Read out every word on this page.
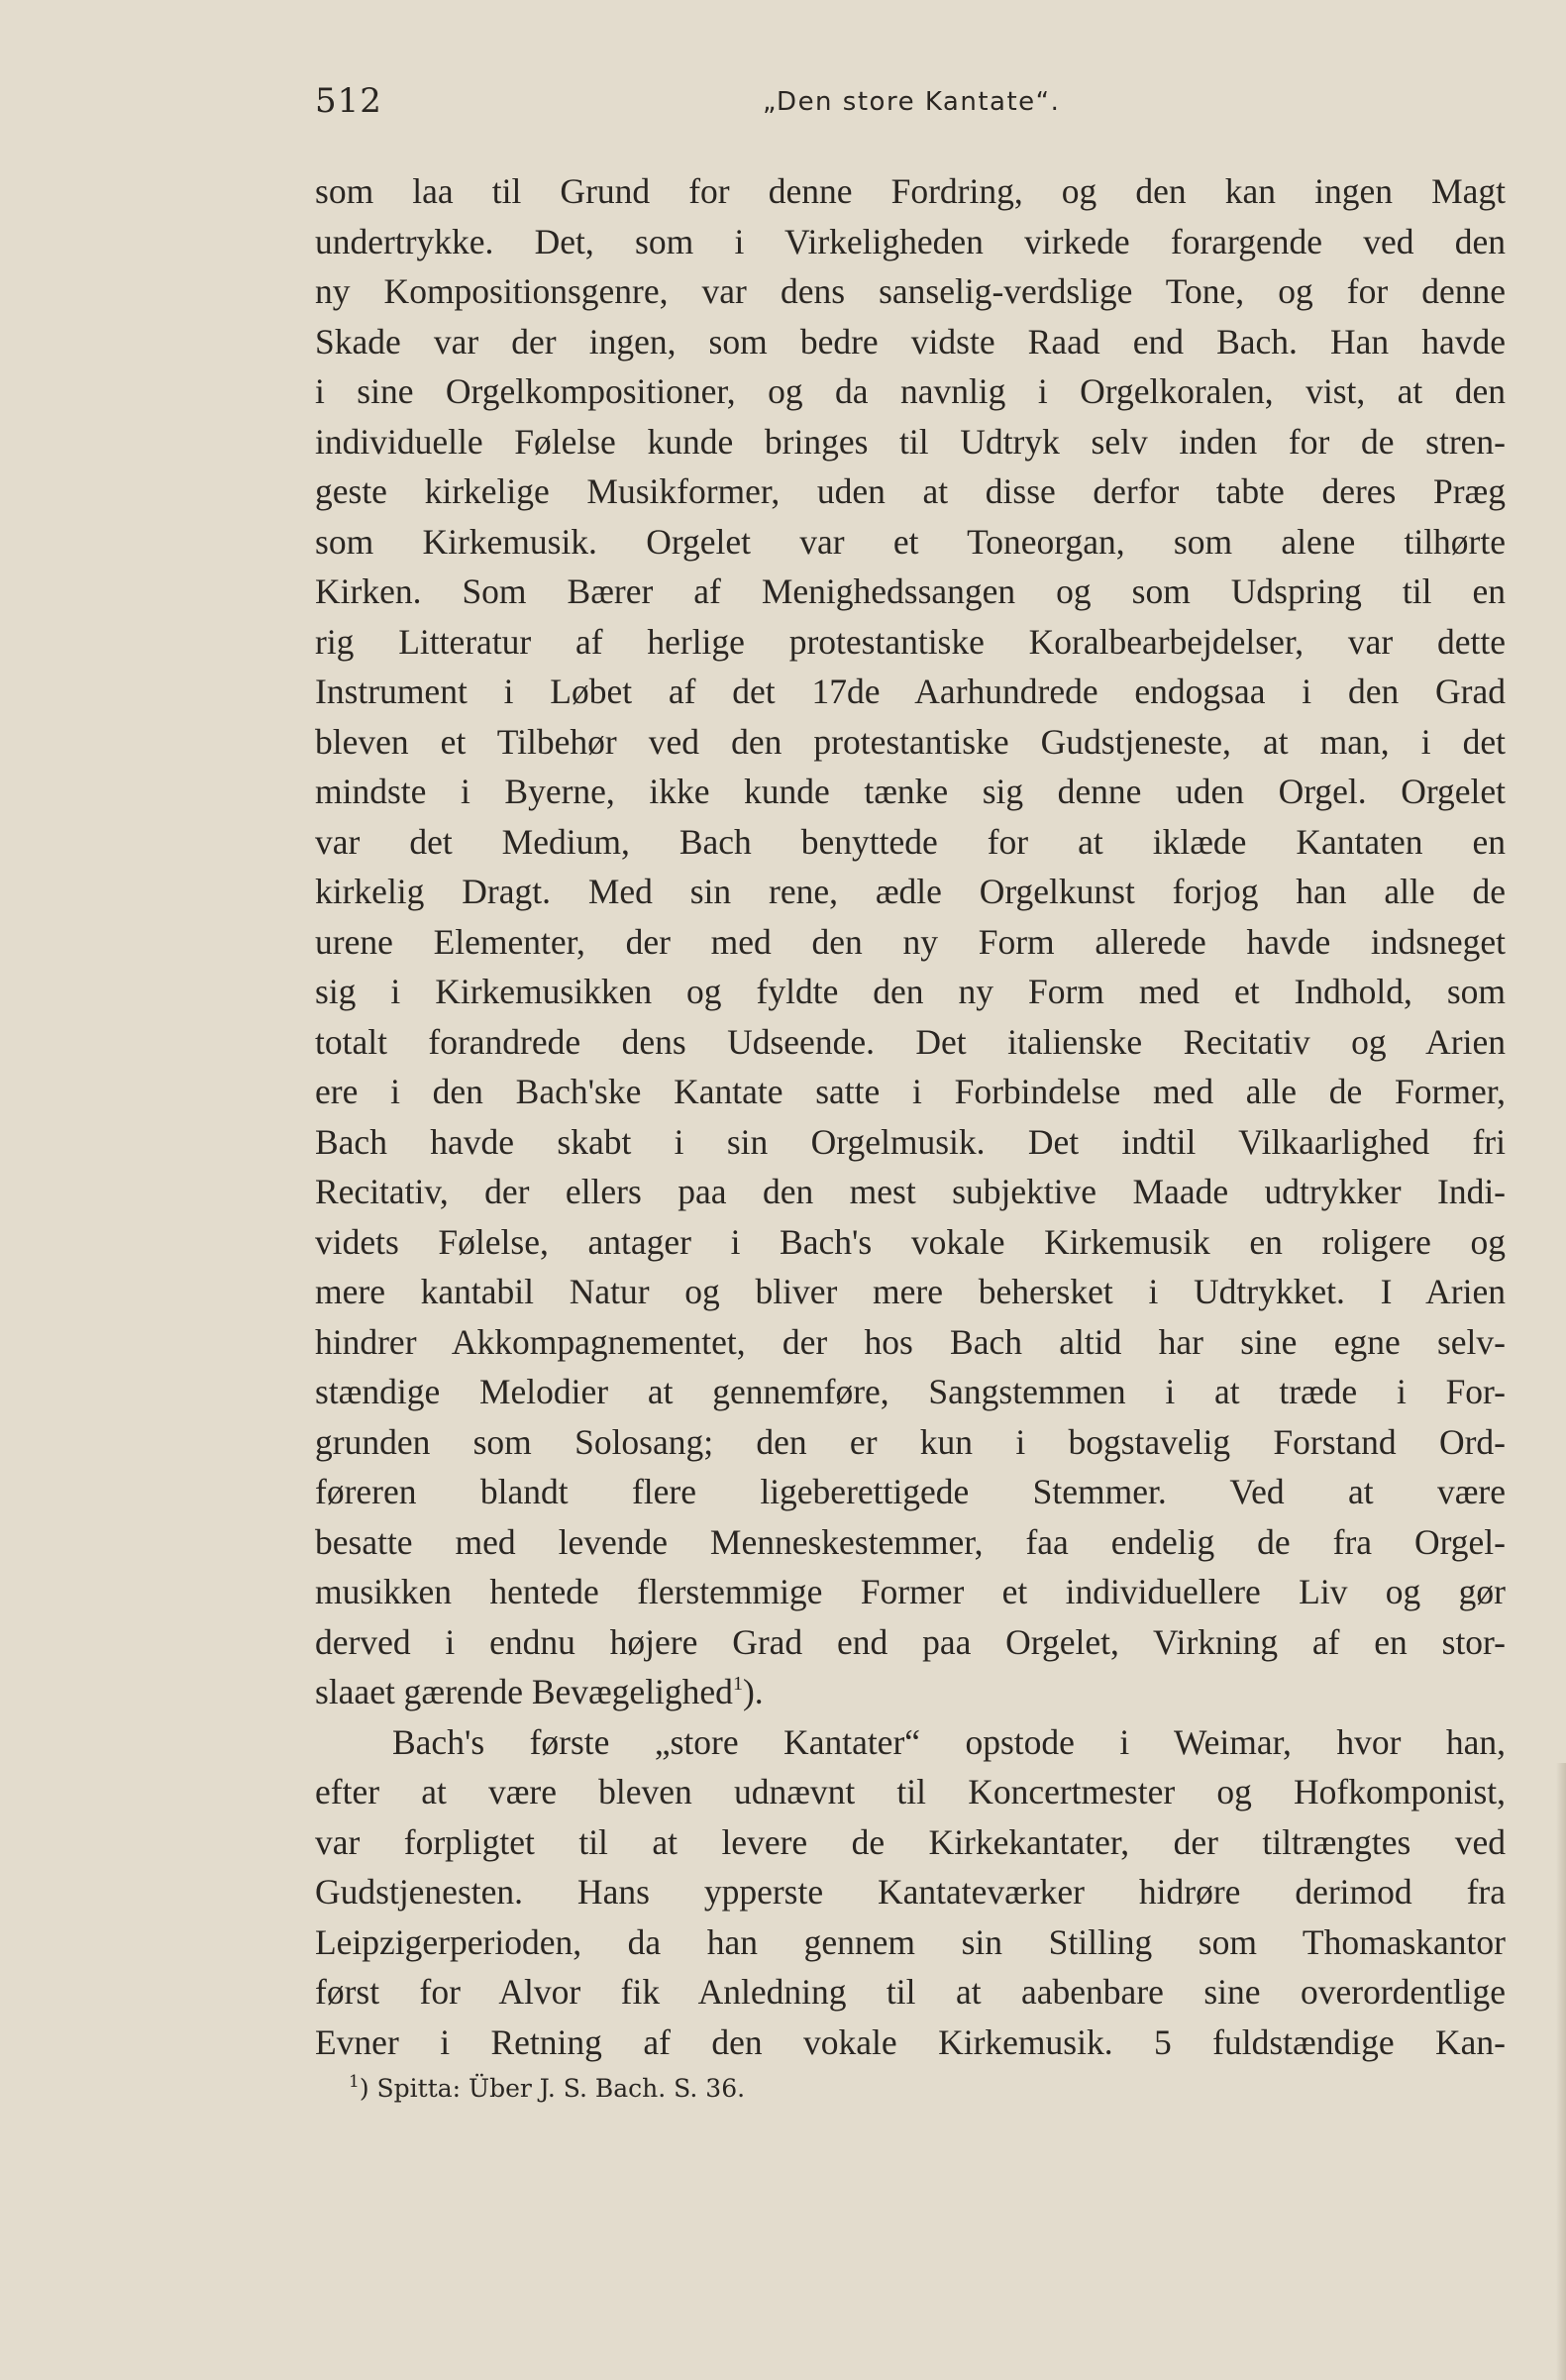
512	„Den store Kantate“.
som laa til Grund for denne Fordring, og den kan ingen Magt
undertrykke. Det, som i Virkeligheden virkede forargende ved den
ny Kompositionsgenre, var dens sanselig-verdslige Tone, og for denne
Skade var der ingen, som bedre vidste Raad end Bach. Han havde
i sine Orgelkompositioner, og da navnlig i Orgelkoralen, vist, at den
individuelle Følelse kunde bringes til Udtryk selv inden for de stren-
geste kirkelige Musikformer, uden at disse derfor tabte deres Præg
som Kirkemusik. Orgelet var et Toneorgan, som alene tilhørte
Kirken. Som Bærer af Menighedssangen og som Udspring til en
rig Litteratur af herlige protestantiske Koralbearbejdelser, var dette
Instrument i Løbet af det 17de Aarhundrede endogsaa i den Grad
bleven et Tilbehør ved den protestantiske Gudstjeneste, at man, i det
mindste i Byerne, ikke kunde tænke sig denne uden Orgel. Orgelet
var det Medium, Bach benyttede for at iklæde Kantaten en
kirkelig Dragt. Med sin rene, ædle Orgelkunst forjog han alle de
urene Elementer, der med den ny Form allerede havde indsneget
sig i Kirkemusikken og fyldte den ny Form med et Indhold, som
totalt forandrede dens Udseende. Det italienske Recitativ og Arien
ere i den Bach'ske Kantate satte i Forbindelse med alle de Former,
Bach havde skabt i sin Orgelmusik. Det indtil Vilkaarlighed fri
Recitativ, der ellers paa den mest subjektive Maade udtrykker Indi-
videts Følelse, antager i Bach's vokale Kirkemusik en roligere og
mere kantabil Natur og bliver mere behersket i Udtrykket. I Arien
hindrer Akkompagnementet, der hos Bach altid har sine egne selv-
stændige Melodier at gennemføre, Sangstemmen i at træde i For-
grunden som Solosang; den er kun i bogstavelig Forstand Ord-
føreren blandt flere ligeberettigede Stemmer. Ved at være
besatte med levende Menneskestemmer, faa endelig de fra Orgel-
musikken hentede flerstemmige Former et individuellere Liv og gør
derved i endnu højere Grad end paa Orgelet, Virkning af en stor-
slaaet gærende Bevægelighed$^1$).
Bach's første „store Kantater“ opstode i Weimar, hvor han,
efter at være bleven udnævnt til Koncertmester og Hofkomponist,
var forpligtet til at levere de Kirkekantater, der tiltrængtes ved
Gudstjenesten. Hans ypperste Kantateværker hidrøre derimod fra
Leipzigerperioden, da han gennem sin Stilling som Thomaskantor
først for Alvor fik Anledning til at aabenbare sine overordentlige
Evner i Retning af den vokale Kirkemusik. 5 fuldstændige Kan-
$^1$) Spitta: Über J. S. Bach. S. 36.
